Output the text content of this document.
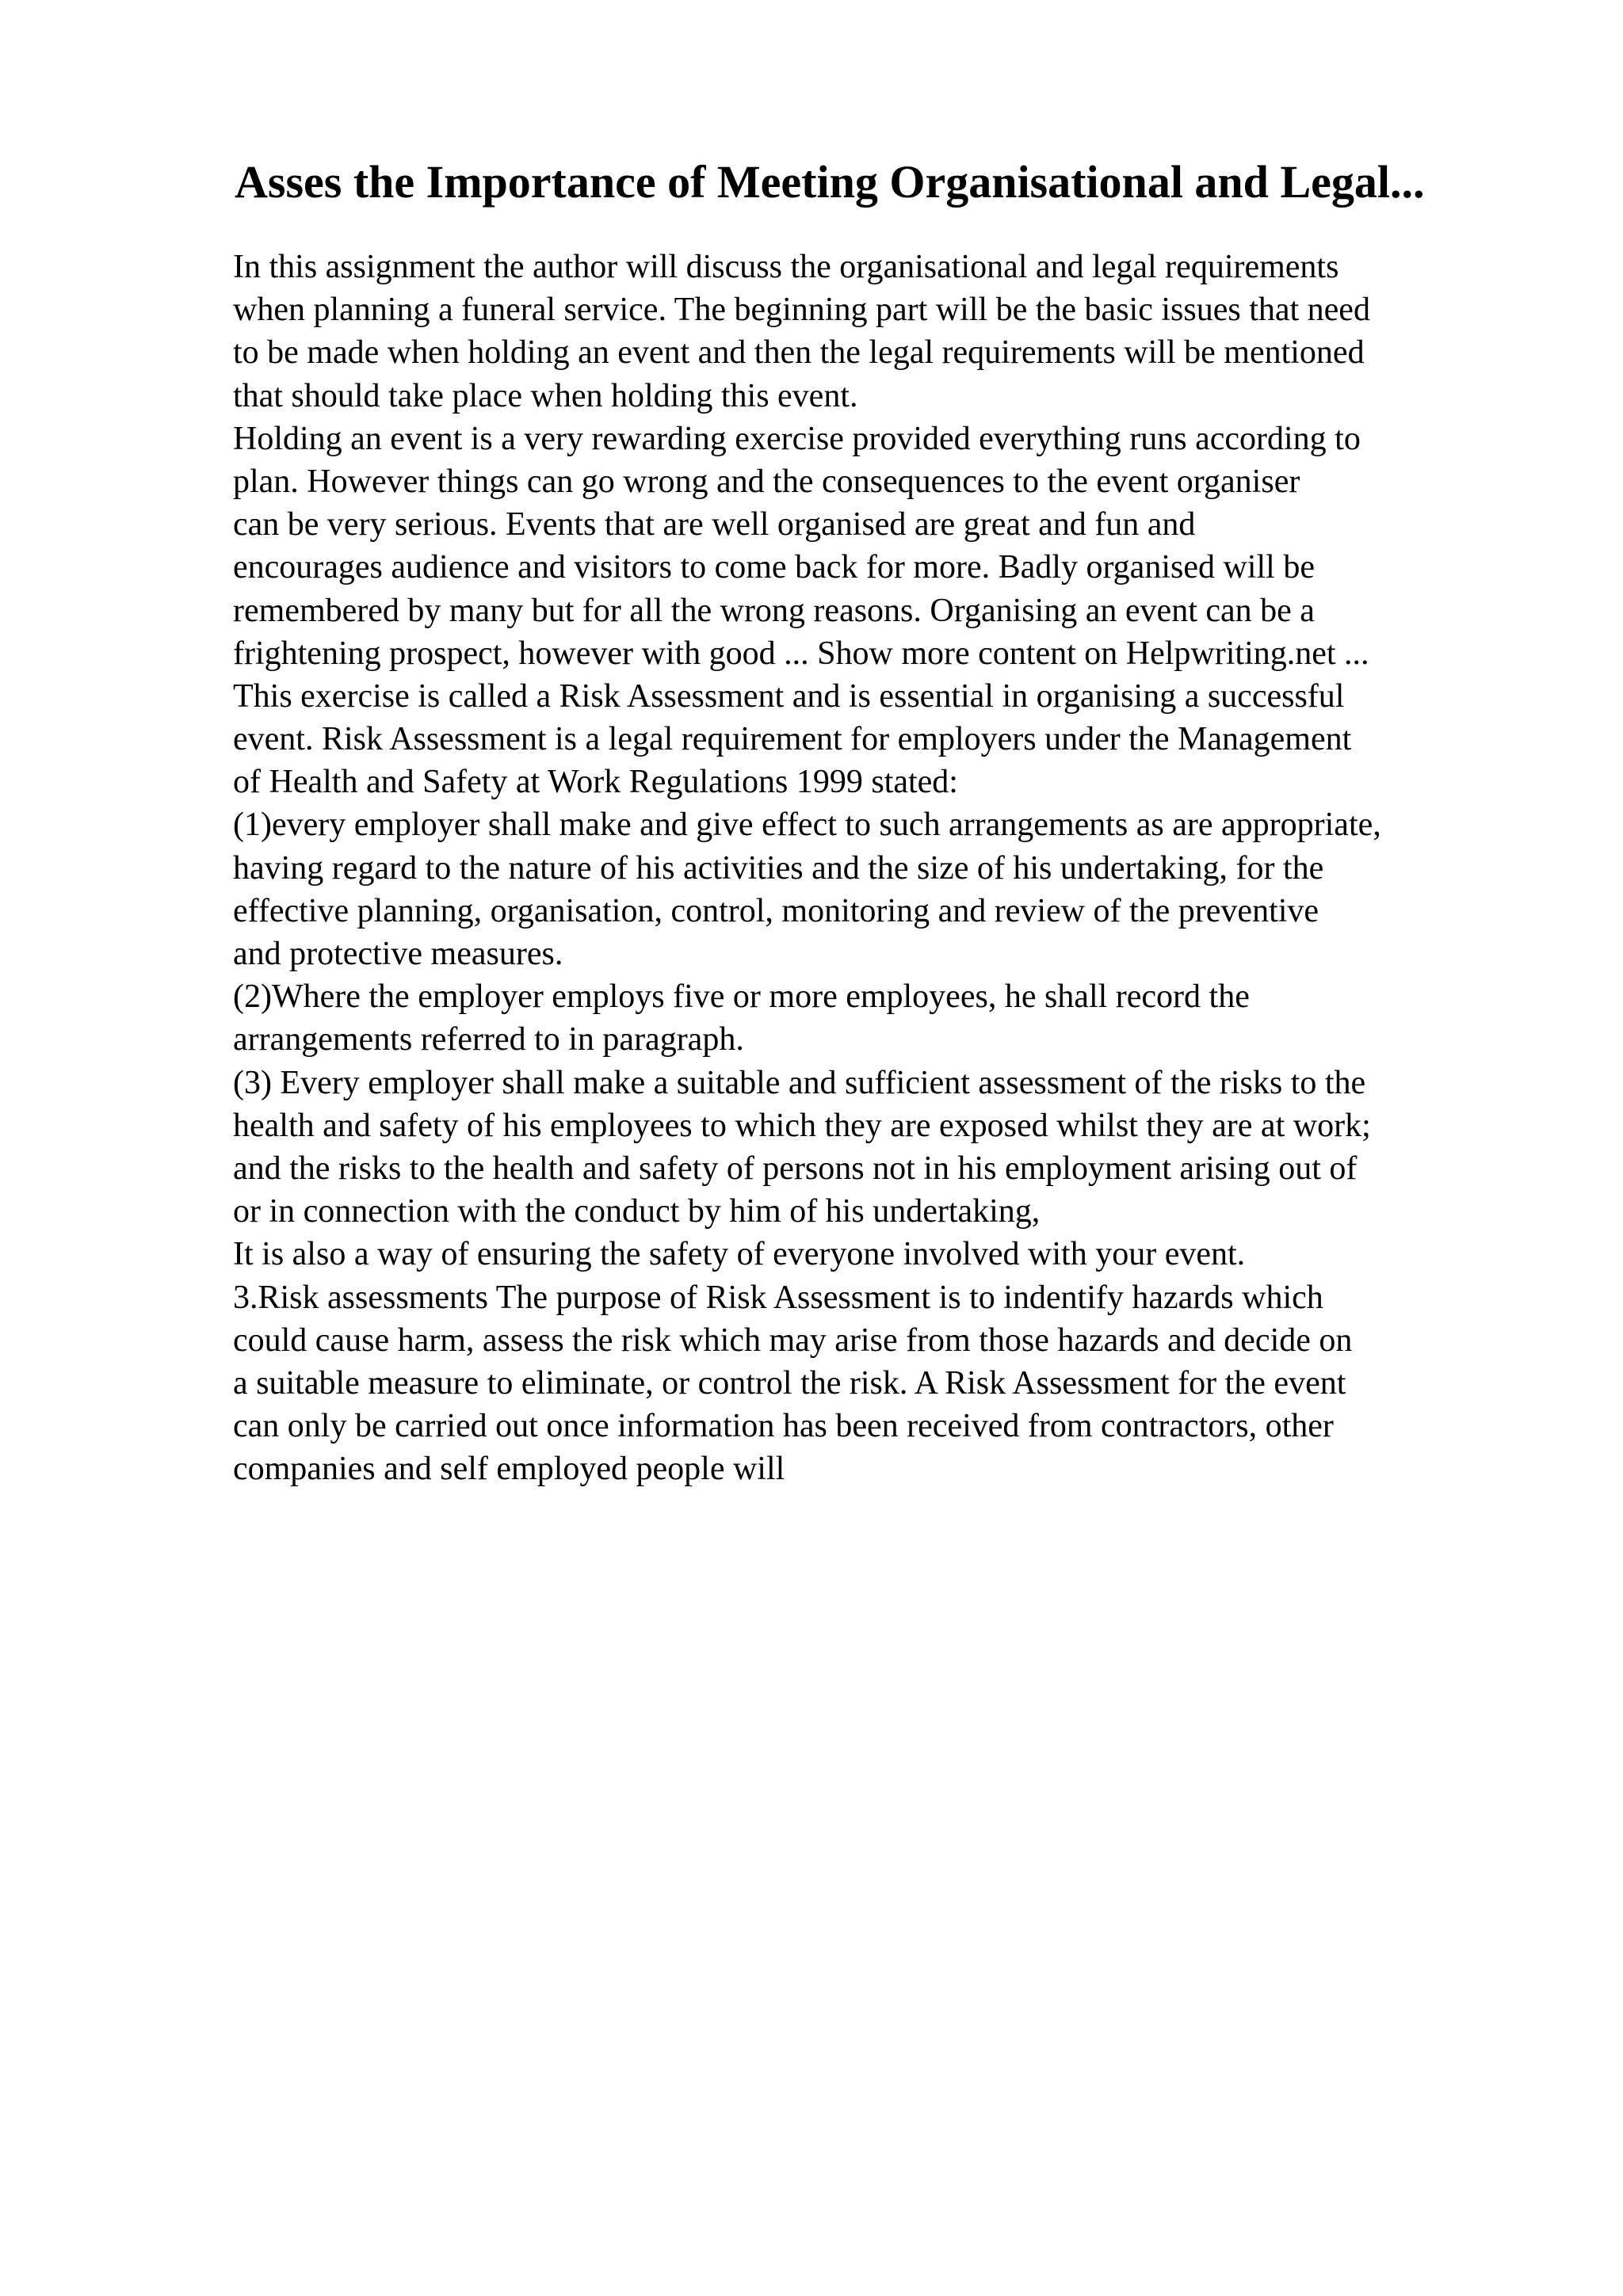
Asses the Importance of Meeting Organisational and Legal...
In this assignment the author will discuss the organisational and legal requirements
when planning a funeral service. The beginning part will be the basic issues that need
to be made when holding an event and then the legal requirements will be mentioned
that should take place when holding this event.
Holding an event is a very rewarding exercise provided everything runs according to
plan. However things can go wrong and the consequences to the event organiser
can be very serious. Events that are well organised are great and fun and
encourages audience and visitors to come back for more. Badly organised will be
remembered by many but for all the wrong reasons. Organising an event can be a
frightening prospect, however with good ... Show more content on Helpwriting.net ...
This exercise is called a Risk Assessment and is essential in organising a successful
event. Risk Assessment is a legal requirement for employers under the Management
of Health and Safety at Work Regulations 1999 stated:
(1)every employer shall make and give effect to such arrangements as are appropriate,
having regard to the nature of his activities and the size of his undertaking, for the
effective planning, organisation, control, monitoring and review of the preventive
and protective measures.
(2)Where the employer employs five or more employees, he shall record the
arrangements referred to in paragraph.
(3) Every employer shall make a suitable and sufficient assessment of the risks to the
health and safety of his employees to which they are exposed whilst they are at work;
and the risks to the health and safety of persons not in his employment arising out of
or in connection with the conduct by him of his undertaking,
It is also a way of ensuring the safety of everyone involved with your event.
3.Risk assessments The purpose of Risk Assessment is to indentify hazards which
could cause harm, assess the risk which may arise from those hazards and decide on
a suitable measure to eliminate, or control the risk. A Risk Assessment for the event
can only be carried out once information has been received from contractors, other
companies and self employed people will
